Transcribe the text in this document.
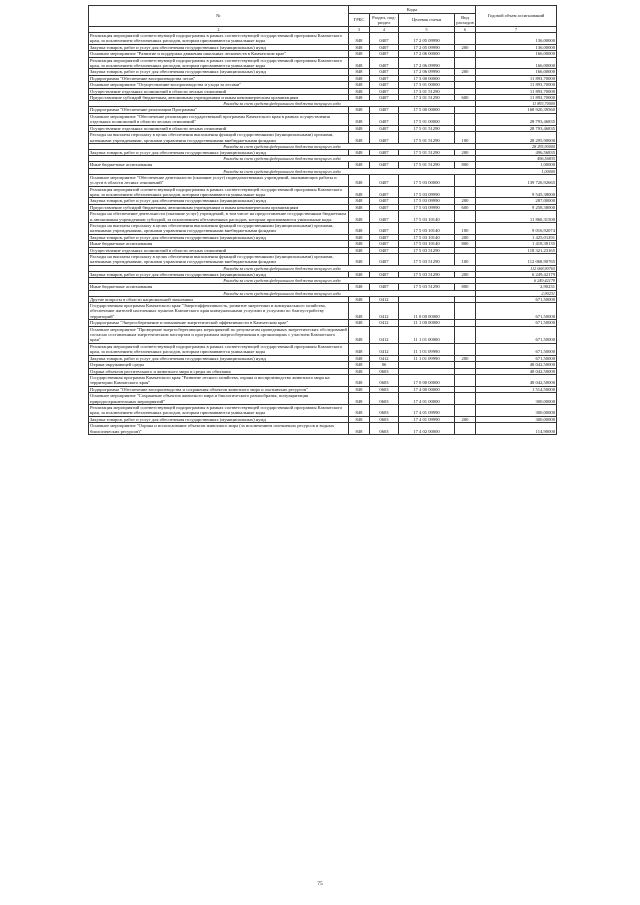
№	Коды				Годовой объем ассигнований
	ГРБС	Раздел, под-раздел	Целевая статья	Вид расходов	
2	3	4	5	6	7
Реализация мероприятий соответствующей подпрограммы в рамках соответствующей государственной программы Камчатского края, за исключением обезличенных расходов, которым присваиваются уникальные коды	848	0407	17 2 05 09990		136,00000
Закупка товаров, работ и услуг для обеспечения государственных (муниципальных) нужд	848	0407	17 2 05 09990	200	136,00000
Основное мероприятие "Развитие и поддержка движения школьных лесничеств в Камчатском крае"	848	0407	17 2 06 00000		166,00000
Реализация мероприятий соответствующей подпрограммы в рамках соответствующей государственной программы Камчатского края, за исключением обезличенных расходов, которым присваиваются уникальные коды	848	0407	17 2 06 09990		166,00000
Закупка товаров, работ и услуг для обеспечения государственных (муниципальных) нужд	848	0407	17 2 06 09990	200	166,00000
Подпрограмма "Обеспечение воспроизводства лесов"	848	0407	17 3 00 00000		11 893,70000
Основное мероприятие "Осуществление воспроизводства и ухода за лесами"	848	0407	17 3 01 00000		11 893,70000
Осуществление отдельных полномочий в области лесных отношений	848	0407	17 3 01 51290		11 893,70000
Предоставление субсидий бюджетным, автономным учреждениям и иным некоммерческим организациям	848	0407	17 3 01 51290	600	11 893,70000
Расходы за счет средств федерального бюджета текущего года					11 893,70000
Подпрограмма "Обеспечение реализации Программы"	848	0407	17 5 00 00000		168 920,39560
Основное мероприятие "Обеспечение реализации государственной программы Камчатского края в рамках осуществления отдельных полномочий в области лесных отношений"	848	0407	17 5 01 00000		28 793,46835
Осуществление отдельных полномочий в области лесных отношений	848	0407	17 5 01 51290		28 793,46835
Расходы на выплаты персоналу в целях обеспечения выполнения функций государственными (муниципальными) органами, казенными учреждениями, органами управления государственными внебюджетными фондами	848	0407	17 5 01 51290	100	28 295,90000
Расходы за счет средств федерального бюджета текущего года					28 295,90000
Закупка товаров, работ и услуг для обеспечения государственных (муниципальных) нужд	848	0407	17 5 01 51290	200	496,56835
Расходы за счет средств федерального бюджета текущего года					496,56835
Иные бюджетные ассигнования	848	0407	17 5 01 51290	800	1,00000
Расходы за счет средств федерального бюджета текущего года					1,00000
Основное мероприятие "Обеспечение деятельности (оказание услуг) подведомственных учреждений, оказывающих работы и услуги в области лесных отношений"	848	0407	17 5 03 00000		139 726,92665
Реализация мероприятий соответствующей подпрограммы в рамках соответствующей государственной программы Камчатского края, за исключением обезличенных расходов, которым присваиваются уникальные коды	848	0407	17 5 03 09990		9 545,38000
Закупка товаров, работ и услуг для обеспечения государственных (муниципальных) нужд	848	0407	17 5 03 09990	200	287,00000
Предоставление субсидий бюджетным, автономным учреждениям и иным некоммерческим организациям	848	0407	17 5 03 09990	600	9 258,38000
Расходы на обеспечение деятельности (оказание услуг) учреждений, в том числе на предоставление государственным бюджетным и автономным учреждениям субсидий, за исключением обезличенных расходов, которым присваиваются уникальные коды	848	0407	17 5 03 10140		11 860,31500
Расходы на выплаты персоналу в целях обеспечения выполнения функций государственными (муниципальными) органами, казенными учреждениями, органами управления государственными внебюджетными фондами	848	0407	17 5 03 10140	100	9 016,92074
Закупка товаров, работ и услуг для обеспечения государственных (муниципальных) нужд	848	0407	17 5 03 10140	200	1 425,01291
Иные бюджетные ассигнования	848	0407	17 5 03 10140	800	1 418,38135
Осуществление отдельных полномочий в области лесных отношений	848	0407	17 5 03 51290		118 321,23165
Расходы на выплаты персоналу в целях обеспечения выполнения функций государственными (муниципальными) органами, казенными учреждениями, органами управления государственными внебюджетными фондами	848	0407	17 5 03 51290	100	112 068,90765
Расходы за счет средств федерального бюджета текущего года					112 068,90765
Закупка товаров, работ и услуг для обеспечения государственных (муниципальных) нужд	848	0407	17 5 03 51290	200	6 249,42179
Расходы за счет средств федерального бюджета текущего года					6 249,42179
Иные бюджетные ассигнования	848	0407	17 5 03 51290	800	2,90231
Расходы за счет средств федерального бюджета текущего года					2,90231
Другие вопросы в области национальной экономики	848	0412			671,50000
Государственная программа Камчатского края "Энергоэффективность, развитие энергетики и коммунального хозяйства, обеспечение жителей населенных пунктов Камчатского края коммунальными услугами и услугами по благоустройству территорий"	848	0412	11 0 00 00000		671,50000
Подпрограмма "Энергосбережение и повышение энергетической эффективности в Камчатском крае"	848	0412	11 1 00 00000		671,50000
Основное мероприятие "Проведение энергосберегающих мероприятий по результатам проведенных энергетических обследований согласно составленным энергетическим паспортам и программам энергосбережения в организациях с участием Камчатского края"	848	0412	11 1 01 00000		671,50000
Реализация мероприятий соответствующей подпрограммы в рамках соответствующей государственной программы Камчатского края, за исключением обезличенных расходов, которым присваиваются уникальные коды	848	0412	11 1 01 09990		671,50000
Закупка товаров, работ и услуг для обеспечения государственных (муниципальных) нужд	848	0412	11 1 01 09990	200	671,50000
Охрана окружающей среды	848	06			48 042,50000
Охрана объектов растительного и животного мира и среды их обитания	848	0603			48 042,50000
Государственная программа Камчатского края "Развитие лесного хозяйства, охрана и воспроизводство животного мира на территории Камчатского края"	848	0603	17 0 00 00000		48 042,50000
Подпрограмма "Обеспечение воспроизводства и сохранения объектов животного мира и охотничьих ресурсов"	848	0603	17 4 00 00000		1 514,50000
Основное мероприятие "Сохранение объектов животного мира и биологического разнообразия, популяризация природоохранительных мероприятий"	848	0603	17 4 01 00000		300,00000
Реализация мероприятий соответствующей подпрограммы в рамках соответствующей государственной программы Камчатского края, за исключением обезличенных расходов, которым присваиваются уникальные коды	848	0603	17 4 01 09990		300,00000
Закупка товаров, работ и услуг для обеспечения государственных (муниципальных) нужд	848	0603	17 4 01 09990	200	300,00000
Основное мероприятие "Охрана и использование объектов животного мира (за исключением охотничьих ресурсов и водных биологических ресурсов)"	848	0603	17 4 02 00000		114,90000
75
